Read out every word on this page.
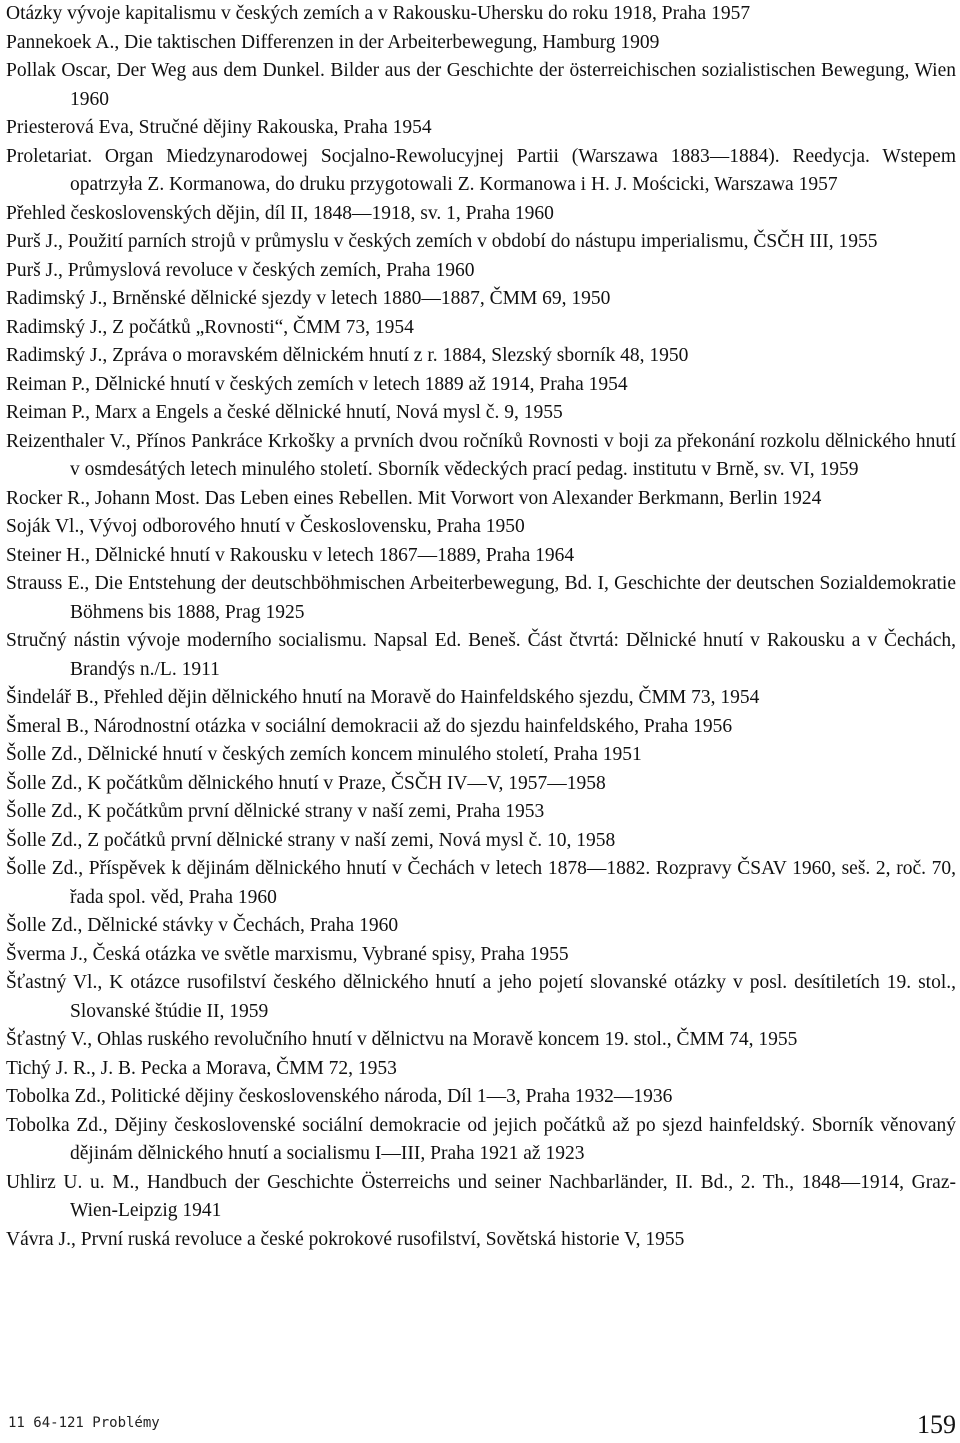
Otázky vývoje kapitalismu v českých zemích a v Rakousku-Uhersku do roku 1918, Praha 1957

Pannekoek A., Die taktischen Differenzen in der Arbeiterbewegung, Hamburg 1909

Pollak Oscar, Der Weg aus dem Dunkel. Bilder aus der Geschichte der österreichischen sozialistischen Bewegung, Wien 1960

Priesterová Eva, Stručné dějiny Rakouska, Praha 1954

Proletariat. Organ Miedzynarodowej Socjalno-Rewolucyjnej Partii (Warszawa 1883—1884). Reedycja. Wstepem opatrzyła Z. Kormanowa, do druku przygotowali Z. Kormanowa i H. J. Mościcki, Warszawa 1957

Přehled československých dějin, díl II, 1848—1918, sv. 1, Praha 1960

Purš J., Použití parních strojů v průmyslu v českých zemích v období do nástupu imperialismu, ČSČH III, 1955

Purš J., Průmyslová revoluce v českých zemích, Praha 1960

Radimský J., Brněnské dělnické sjezdy v letech 1880—1887, ČMM 69, 1950

Radimský J., Z počátků „Rovnosti“, ČMM 73, 1954

Radimský J., Zpráva o moravském dělnickém hnutí z r. 1884, Slezský sborník 48, 1950

Reiman P., Dělnické hnutí v českých zemích v letech 1889 až 1914, Praha 1954

Reiman P., Marx a Engels a české dělnické hnutí, Nová mysl č. 9, 1955

Reizenthaler V., Přínos Pankráce Krkošky a prvních dvou ročníků Rovnosti v boji za překonání rozkolu dělnického hnutí v osmdesátých letech minulého století. Sborník vědeckých prací pedag. institutu v Brně, sv. VI, 1959

Rocker R., Johann Most. Das Leben eines Rebellen. Mit Vorwort von Alexander Berkmann, Berlin 1924

Soják Vl., Vývoj odborového hnutí v Československu, Praha 1950

Steiner H., Dělnické hnutí v Rakousku v letech 1867—1889, Praha 1964

Strauss E., Die Entstehung der deutschböhmischen Arbeiterbewegung, Bd. I, Geschichte der deutschen Sozialdemokratie Böhmens bis 1888, Prag 1925

Stručný nástin vývoje moderního socialismu. Napsal Ed. Beneš. Část čtvrtá: Dělnické hnutí v Rakousku a v Čechách, Brandýs n./L. 1911

Šindelář B., Přehled dějin dělnického hnutí na Moravě do Hainfeldského sjezdu, ČMM 73, 1954

Šmeral B., Národnostní otázka v sociální demokracii až do sjezdu hainfeldského, Praha 1956

Šolle Zd., Dělnické hnutí v českých zemích koncem minulého století, Praha 1951

Šolle Zd., K počátkům dělnického hnutí v Praze, ČSČH IV—V, 1957—1958

Šolle Zd., K počátkům první dělnické strany v naší zemi, Praha 1953

Šolle Zd., Z počátků první dělnické strany v naší zemi, Nová mysl č. 10, 1958

Šolle Zd., Příspěvek k dějinám dělnického hnutí v Čechách v letech 1878—1882. Rozpravy ČSAV 1960, seš. 2, roč. 70, řada spol. věd, Praha 1960

Šolle Zd., Dělnické stávky v Čechách, Praha 1960

Šverma J., Česká otázka ve světle marxismu, Vybrané spisy, Praha 1955

Šťastný Vl., K otázce rusofilství českého dělnického hnutí a jeho pojetí slovanské otázky v posl. desítiletích 19. stol., Slovanské štúdie II, 1959

Šťastný V., Ohlas ruského revolučního hnutí v dělnictvu na Moravě koncem 19. stol., ČMM 74, 1955

Tichý J. R., J. B. Pecka a Morava, ČMM 72, 1953

Tobolka Zd., Politické dějiny československého národa, Díl 1—3, Praha 1932—1936

Tobolka Zd., Dějiny československé sociální demokracie od jejich počátků až po sjezd hainfeldský. Sborník věnovaný dějinám dělnického hnutí a socialismu I—III, Praha 1921 až 1923

Uhlirz U. u. M., Handbuch der Geschichte Österreichs und seiner Nachbarländer, II. Bd., 2. Th., 1848—1914, Graz-Wien-Leipzig 1941

Vávra J., První ruská revoluce a české pokrokové rusofilství, Sovětská historie V, 1955

11 64-121 Problémy	159
